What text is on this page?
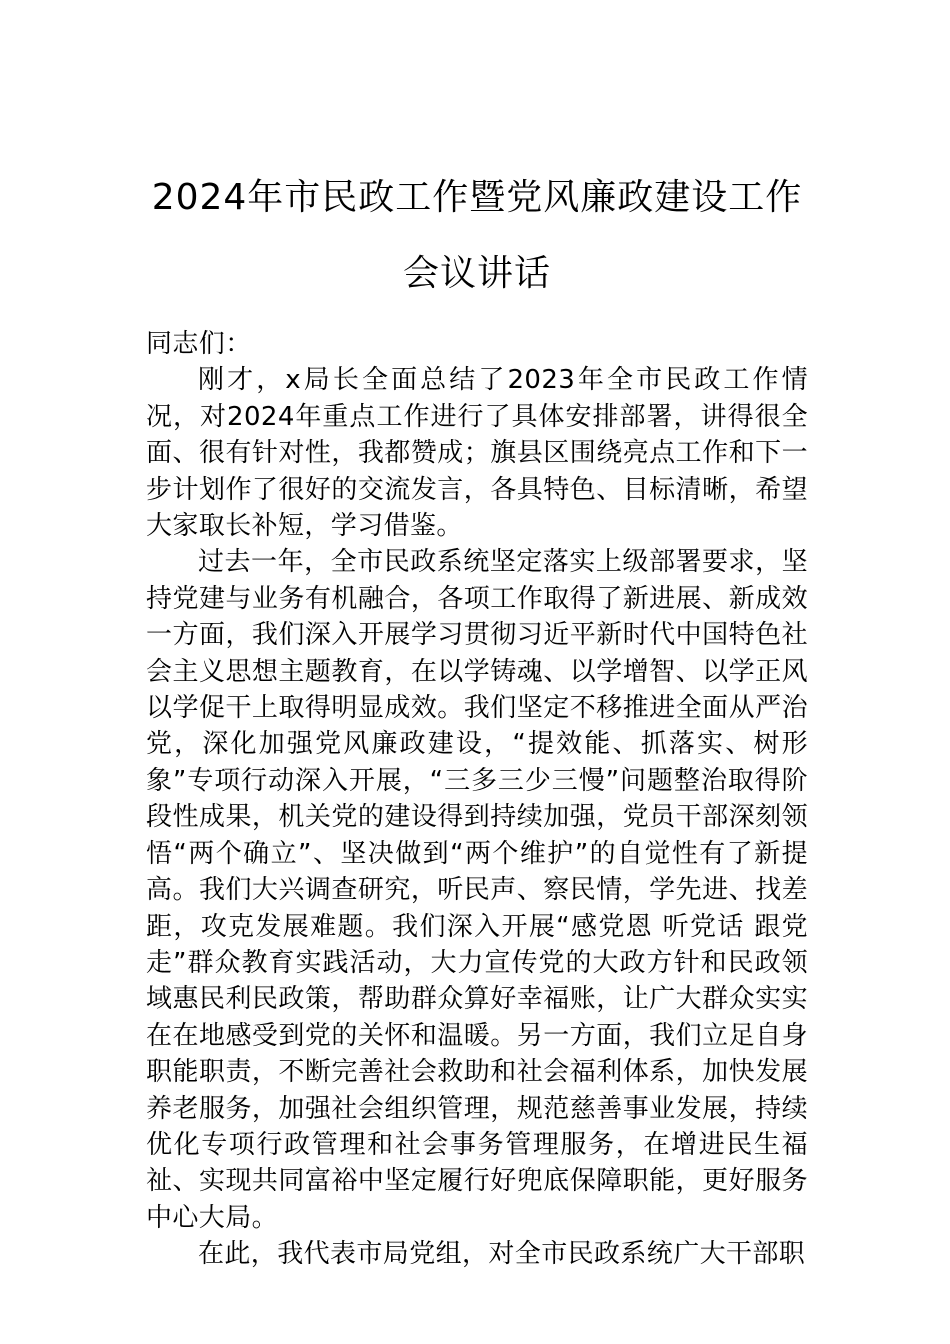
2024年市民政工作暨党风廉政建设工作会议讲话

同志们：

刚才，x局长全面总结了2023年全市民政工作情况，对2024年重点工作进行了具体安排部署，讲得很全面、很有针对性，我都赞成；旗县区围绕亮点工作和下一步计划作了很好的交流发言，各具特色、目标清晰，希望大家取长补短，学习借鉴。

过去一年，全市民政系统坚定落实上级部署要求，坚持党建与业务有机融合，各项工作取得了新进展、新成效一方面，我们深入开展学习贯彻习近平新时代中国特色社会主义思想主题教育，在以学铸魂、以学增智、以学正风以学促干上取得明显成效。我们坚定不移推进全面从严治党，深化加强党风廉政建设，“提效能、抓落实、树形象”专项行动深入开展，“三多三少三慢”问题整治取得阶段性成果，机关党的建设得到持续加强，党员干部深刻领悟“两个确立”、坚决做到“两个维护”的自觉性有了新提高。我们大兴调查研究，听民声、察民情，学先进、找差距，攻克发展难题。我们深入开展“感党恩 听党话 跟党走”群众教育实践活动，大力宣传党的大政方针和民政领域惠民利民政策，帮助群众算好幸福账，让广大群众实实在在地感受到党的关怀和温暖。另一方面，我们立足自身职能职责，不断完善社会救助和社会福利体系，加快发展养老服务，加强社会组织管理，规范慈善事业发展，持续优化专项行政管理和社会事务管理服务，在增进民生福祉、实现共同富裕中坚定履行好兜底保障职能，更好服务中心大局。

在此，我代表市局党组，对全市民政系统广大干部职
